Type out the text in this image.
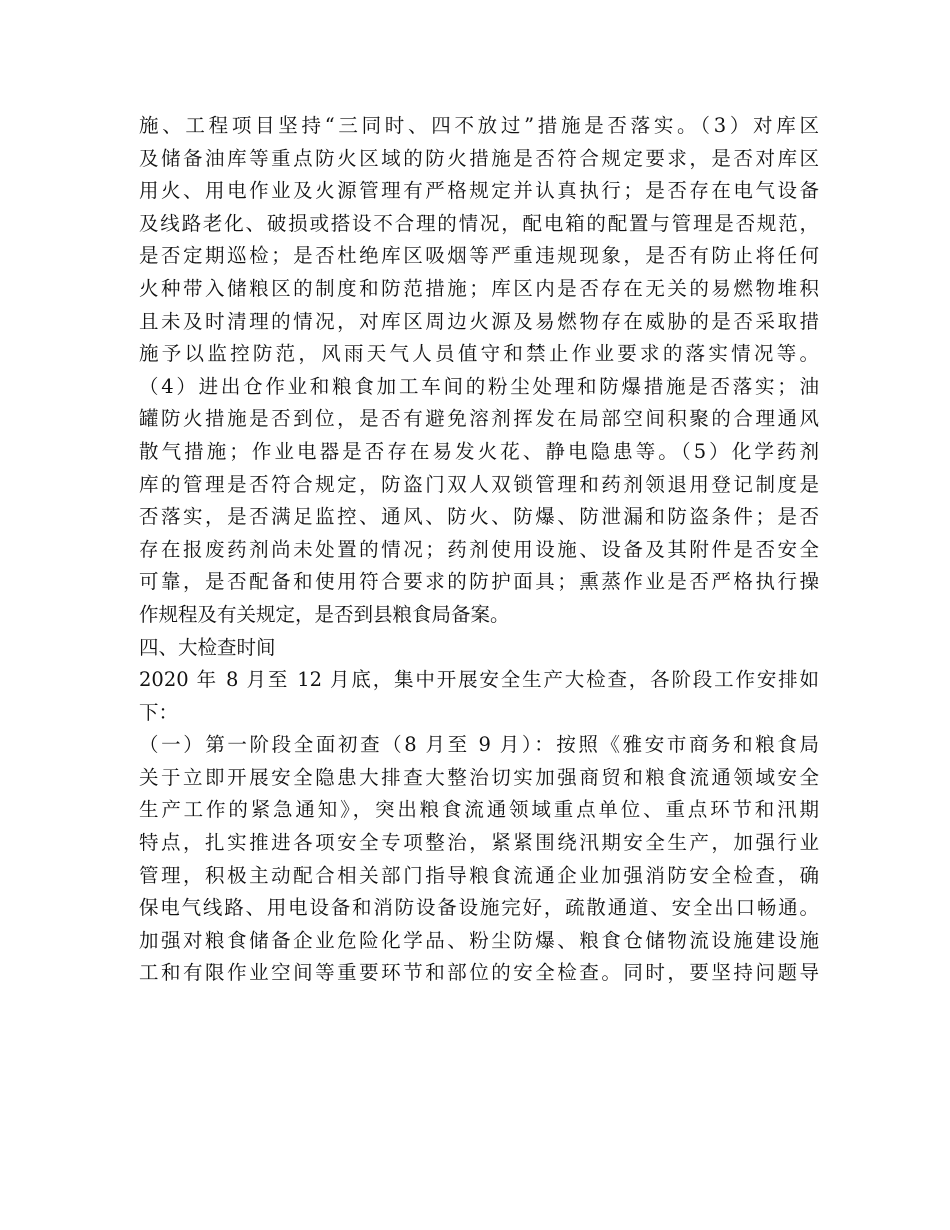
施、工程项目坚持“三同时、四不放过”措施是否落实。（3）对库区
及储备油库等重点防火区域的防火措施是否符合规定要求，是否对库区
用火、用电作业及火源管理有严格规定并认真执行；是否存在电气设备
及线路老化、破损或搭设不合理的情况，配电箱的配置与管理是否规范，
是否定期巡检；是否杜绝库区吸烟等严重违规现象，是否有防止将任何
火种带入储粮区的制度和防范措施；库区内是否存在无关的易燃物堆积
且未及时清理的情况，对库区周边火源及易燃物存在威胁的是否采取措
施予以监控防范，风雨天气人员值守和禁止作业要求的落实情况等。
（4）进出仓作业和粮食加工车间的粉尘处理和防爆措施是否落实；油
罐防火措施是否到位，是否有避免溶剂挥发在局部空间积聚的合理通风
散气措施；作业电器是否存在易发火花、静电隐患等。（5）化学药剂
库的管理是否符合规定，防盗门双人双锁管理和药剂领退用登记制度是
否落实，是否满足监控、通风、防火、防爆、防泄漏和防盗条件；是否
存在报废药剂尚未处置的情况；药剂使用设施、设备及其附件是否安全
可靠，是否配备和使用符合要求的防护面具；熏蒸作业是否严格执行操
作规程及有关规定，是否到县粮食局备案。
四、大检查时间
2020 年 8 月至 12 月底，集中开展安全生产大检查，各阶段工作安排如
下：
（一）第一阶段全面初查（8 月至 9 月）：按照《雅安市商务和粮食局
关于立即开展安全隐患大排查大整治切实加强商贸和粮食流通领域安全
生产工作的紧急通知》，突出粮食流通领域重点单位、重点环节和汛期
特点，扎实推进各项安全专项整治，紧紧围绕汛期安全生产，加强行业
管理，积极主动配合相关部门指导粮食流通企业加强消防安全检查，确
保电气线路、用电设备和消防设备设施完好，疏散通道、安全出口畅通。
加强对粮食储备企业危险化学品、粉尘防爆、粮食仓储物流设施建设施
工和有限作业空间等重要环节和部位的安全检查。同时，要坚持问题导
